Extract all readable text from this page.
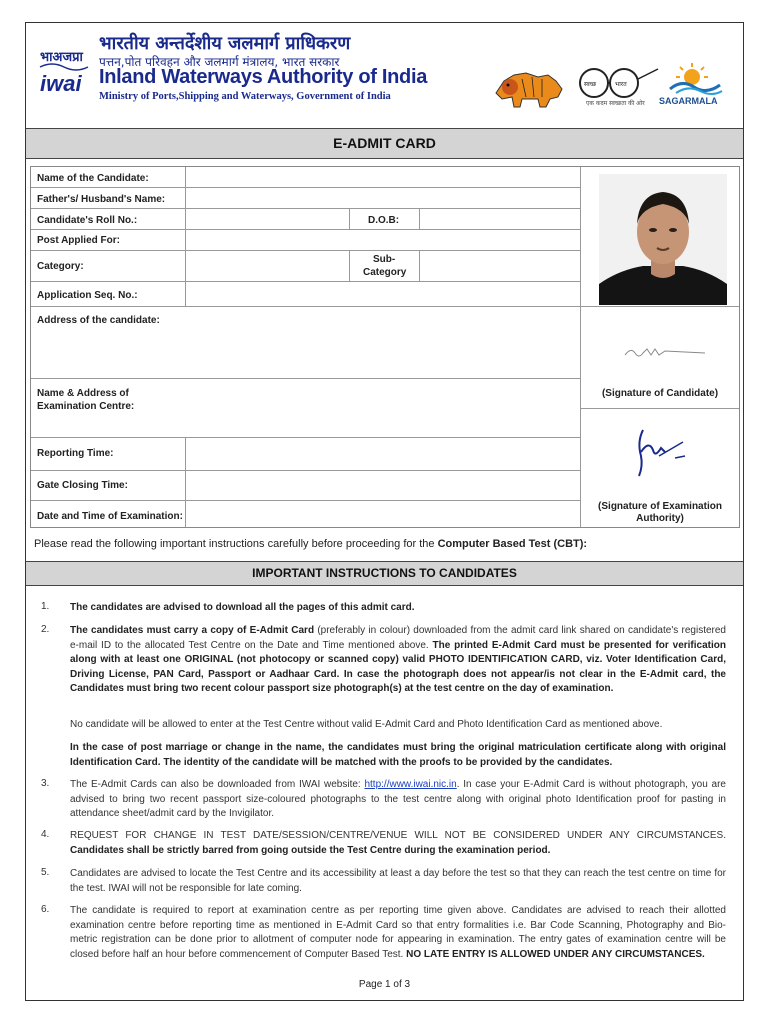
भाअजप्रा
iwai
भारतीय अन्तर्देशीय जलमार्ग प्राधिकरण
पत्तन,पोत परिवहन और जलमार्ग मंत्रालय, भारत सरकार
Inland Waterways Authority of India
Ministry of Ports,Shipping and Waterways, Government of India
स्वच्छ	भारत
एक कदम स्वच्छता की ओर SAGARMALA
E-ADMIT CARD
Name of the Candidate:
Father's/ Husband's Name:
Candidate's Roll No.:	D.O.B:
Post Applied For:
Category:
Sub-
Category
Application Seq. No.:
Address of the candidate:
Name & Address of
Examination Centre:
Reporting Time:
Gate Closing Time:
Date and Time of Examination:
(Signature of Candidate)
(Signature of Examination
Authority)
Please read the following important instructions carefully before proceeding for the Computer Based Test (CBT):
IMPORTANT INSTRUCTIONS TO CANDIDATES
1. The candidates are advised to download all the pages of this admit card.
2. The candidates must carry a copy of E-Admit Card (preferably in colour) downloaded from the admit card link shared on candidate's registered e-mail ID to the allocated Test Centre on the Date and Time mentioned above. The printed E-Admit Card must be presented for verification along with at least one ORIGINAL (not photocopy or scanned copy) valid PHOTO IDENTIFICATION CARD, viz. Voter Identification Card, Driving License, PAN Card, Passport or Aadhaar Card. In case the photograph does not appear/is not clear in the E-Admit card, the Candidates must bring two recent colour passport size photograph(s) at the test centre on the day of examination.
No candidate will be allowed to enter at the Test Centre without valid E-Admit Card and Photo Identification Card as mentioned above.
In the case of post marriage or change in the name, the candidates must bring the original matriculation certificate along with original Identification Card. The identity of the candidate will be matched with the proofs to be provided by the candidates.
3. The E-Admit Cards can also be downloaded from IWAI website: http://www.iwai.nic.in. In case your E-Admit Card is without photograph, you are advised to bring two recent passport size-coloured photographs to the test centre along with original photo Identification proof for pasting in attendance sheet/admit card by the Invigilator.
4. REQUEST FOR CHANGE IN TEST DATE/SESSION/CENTRE/VENUE WILL NOT BE CONSIDERED UNDER ANY CIRCUMSTANCES. Candidates shall be strictly barred from going outside the Test Centre during the examination period.
5. Candidates are advised to locate the Test Centre and its accessibility at least a day before the test so that they can reach the test centre on time for the test. IWAI will not be responsible for late coming.
6. The candidate is required to report at examination centre as per reporting time given above. Candidates are advised to reach their allotted examination centre before reporting time as mentioned in E-Admit Card so that entry formalities i.e. Bar Code Scanning, Photography and Bio-metric registration can be done prior to allotment of computer node for appearing in examination. The entry gates of examination centre will be closed before half an hour before commencement of Computer Based Test. NO LATE ENTRY IS ALLOWED UNDER ANY CIRCUMSTANCES.
Page 1 of 3
